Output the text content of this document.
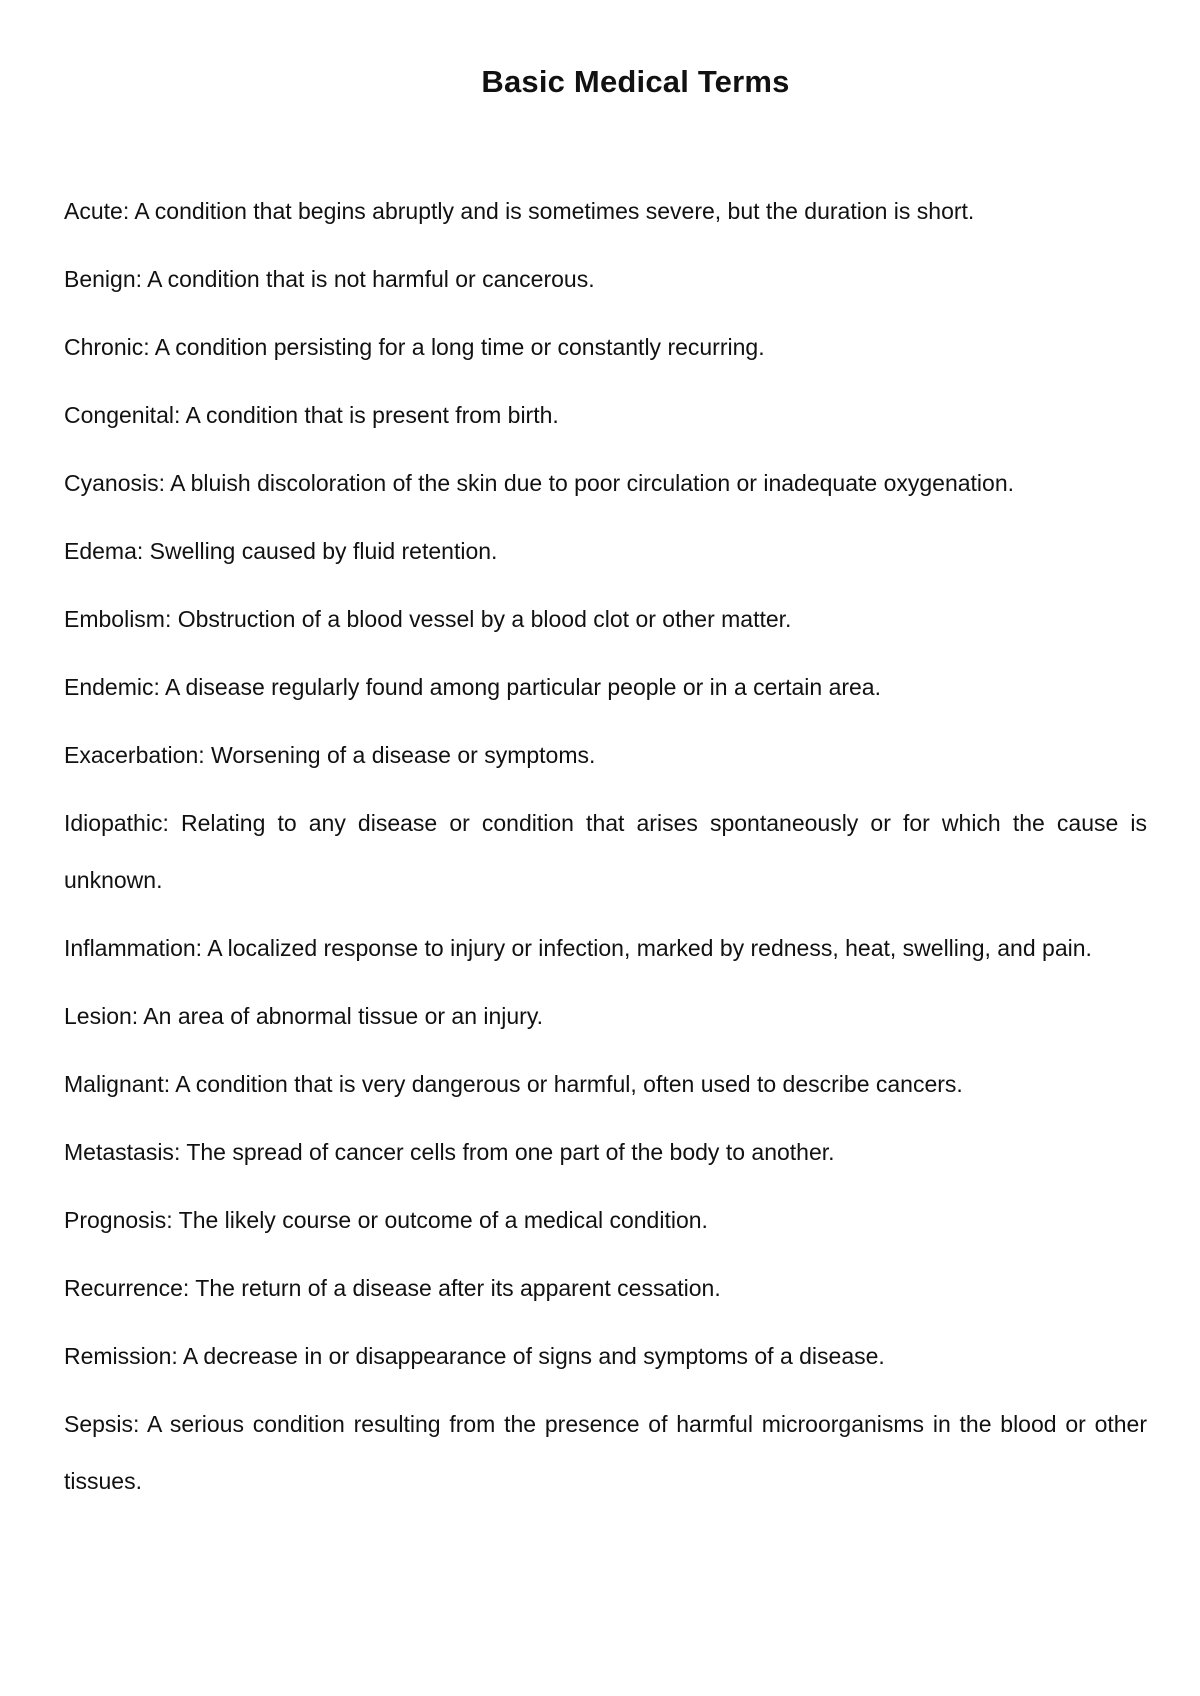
Basic Medical Terms
Acute : A condition that begins abruptly and is sometimes severe, but the duration is short.
Benign : A condition that is not harmful or cancerous.
Chronic : A condition persisting for a long time or constantly recurring.
Congenital : A condition that is present from birth.
Cyanosis : A bluish discoloration of the skin due to poor circulation or inadequate oxygenation.
Edema : Swelling caused by fluid retention.
Embolism : Obstruction of a blood vessel by a blood clot or other matter.
Endemic : A disease regularly found among particular people or in a certain area.
Exacerbation : Worsening of a disease or symptoms.
Idiopathic : Relating to any disease or condition that arises spontaneously or for which the cause is unknown.
Inflammation : A localized response to injury or infection, marked by redness, heat, swelling, and pain.
Lesion : An area of abnormal tissue or an injury.
Malignant : A condition that is very dangerous or harmful, often used to describe cancers.
Metastasis : The spread of cancer cells from one part of the body to another.
Prognosis : The likely course or outcome of a medical condition.
Recurrence : The return of a disease after its apparent cessation.
Remission : A decrease in or disappearance of signs and symptoms of a disease.
Sepsis : A serious condition resulting from the presence of harmful microorganisms in the blood or other tissues.
